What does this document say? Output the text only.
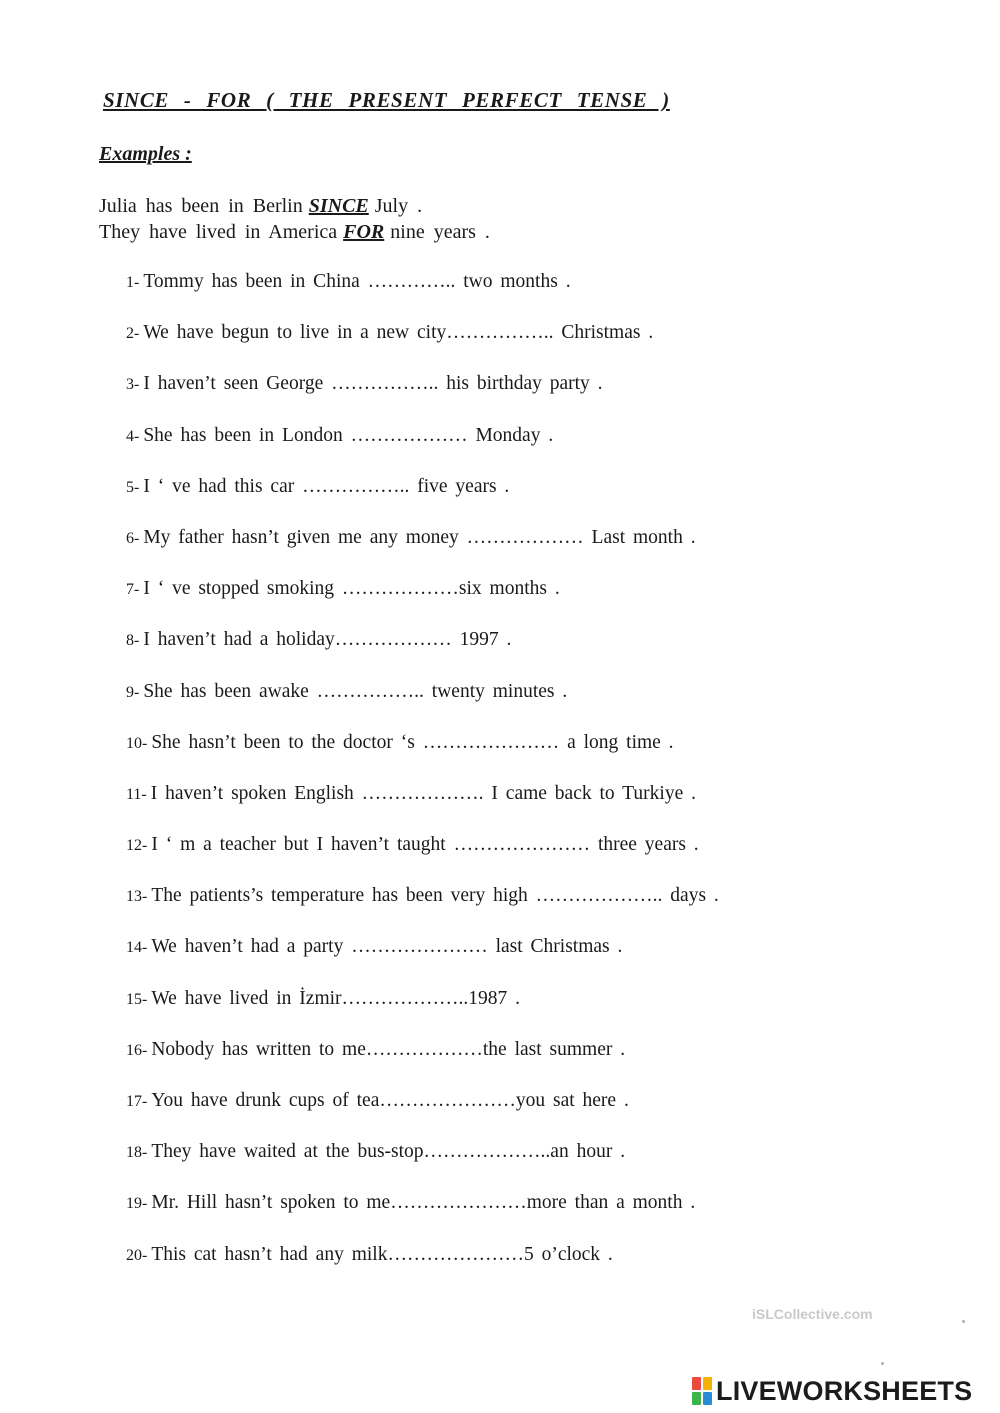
SINCE - FOR ( THE PRESENT PERFECT TENSE )
Examples :
Julia has been in Berlin SINCE July .
They have lived in America FOR nine years .
1- Tommy has been in China ………….. two months .
2- We have begun to live in a new city…………….. Christmas .
3- I haven’t seen George …………….. his birthday party .
4- She has been in London ……………… Monday .
5- I ‘ ve had this car …………….. five years .
6- My father hasn’t given me any money ……………… Last month .
7- I ‘ ve stopped smoking ………………six months .
8- I haven’t had a holiday……………… 1997 .
9- She has been awake …………….. twenty minutes .
10- She hasn’t been to the doctor ‘s ………………… a long time .
11- I haven’t spoken English ………………. I came back to Turkiye .
12- I ‘ m a teacher but I haven’t taught ………………… three years .
13- The patients’s temperature has been very high ……………….. days .
14- We haven’t had a party ………………… last Christmas .
15- We have lived in İzmir………………..1987 .
16- Nobody has written to me………………the last summer .
17- You have drunk cups of tea…………………you sat here .
18- They have waited at the bus-stop………………..an hour .
19- Mr. Hill hasn’t spoken to me…………………more than a month .
20- This cat hasn’t had any milk…………………5 o’clock .
iSLCollective.com
LIVEWORKSHEETS
